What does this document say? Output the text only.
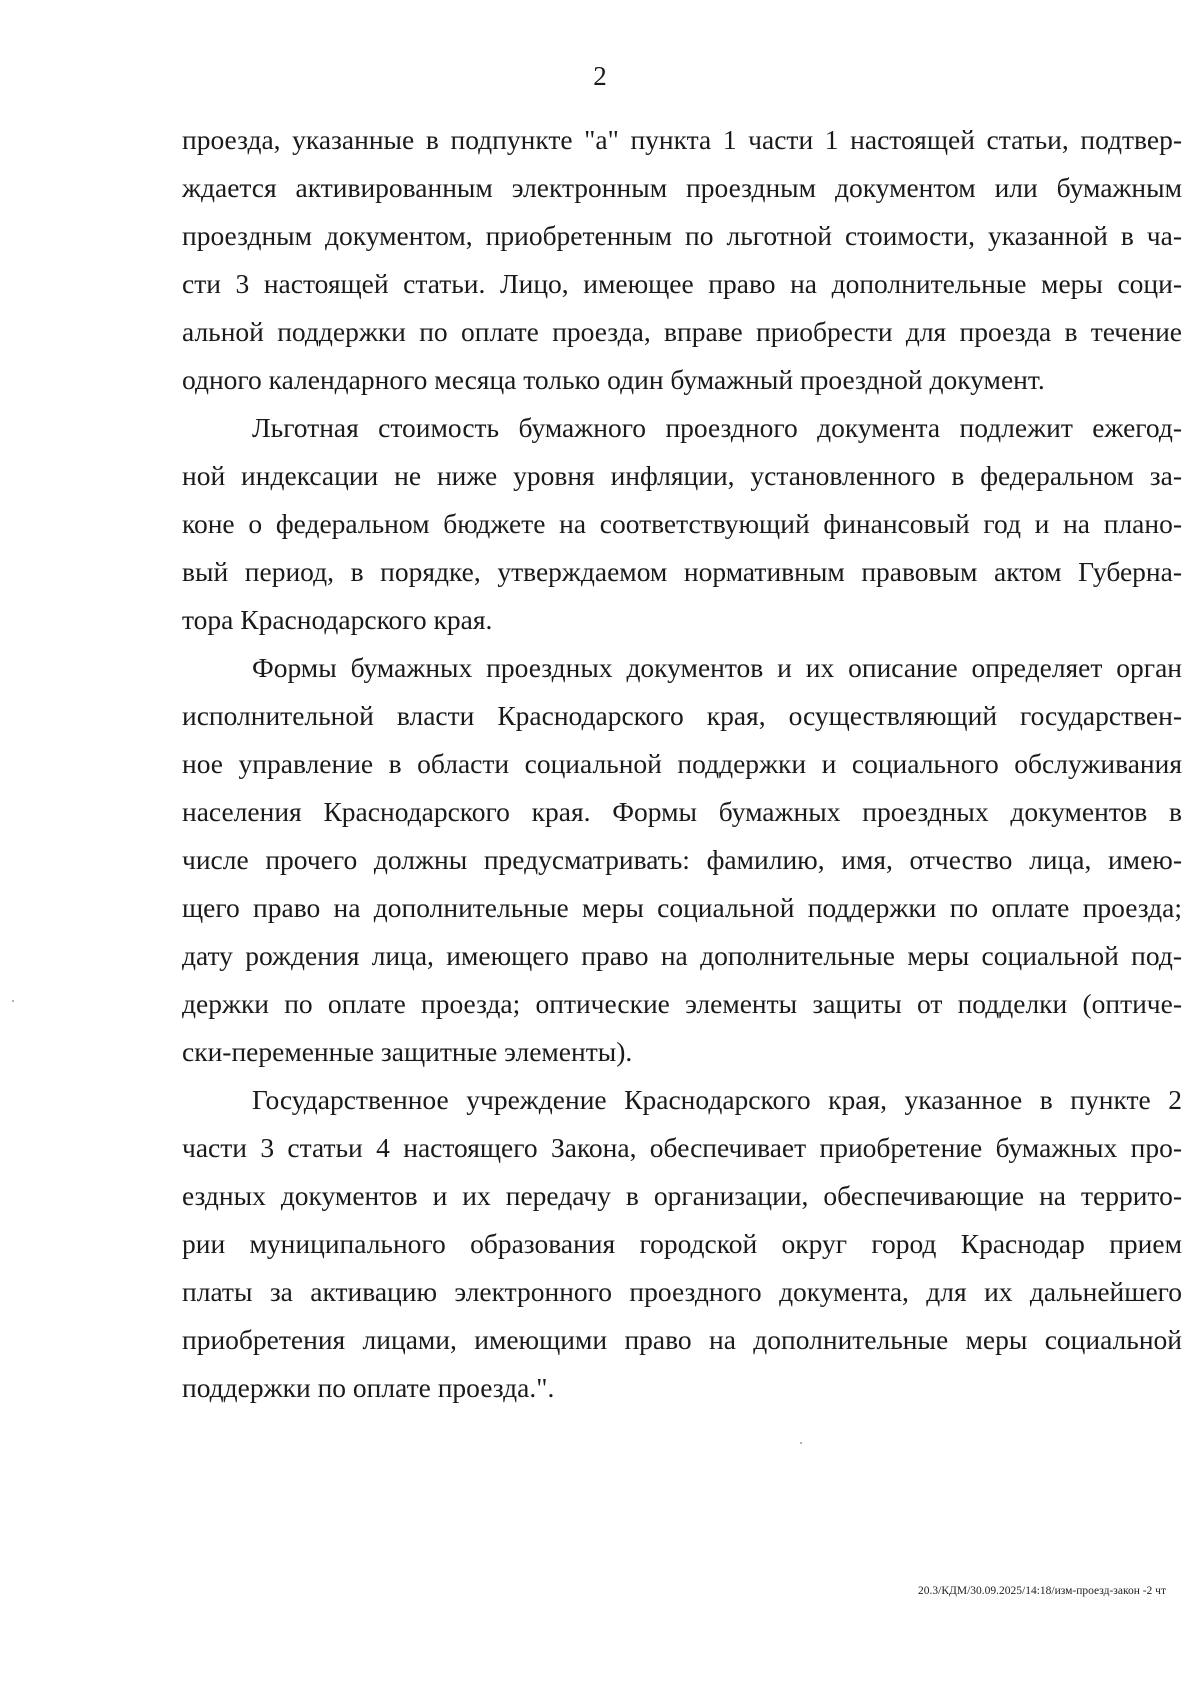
2

проезда, указанные в подпункте "а" пункта 1 части 1 настоящей статьи, подтвер-
ждается активированным электронным проездным документом или бумажным
проездным документом, приобретенным по льготной стоимости, указанной в ча-
сти 3 настоящей статьи. Лицо, имеющее право на дополнительные меры соци-
альной поддержки по оплате проезда, вправе приобрести для проезда в течение
одного календарного месяца только один бумажный проездной документ.

Льготная стоимость бумажного проездного документа подлежит ежегод-
ной индексации не ниже уровня инфляции, установленного в федеральном за-
коне о федеральном бюджете на соответствующий финансовый год и на плано-
вый период, в порядке, утверждаемом нормативным правовым актом Губерна-
тора Краснодарского края.

Формы бумажных проездных документов и их описание определяет орган
исполнительной власти Краснодарского края, осуществляющий государствен-
ное управление в области социальной поддержки и социального обслуживания
населения Краснодарского края. Формы бумажных проездных документов в
числе прочего должны предусматривать: фамилию, имя, отчество лица, имею-
щего право на дополнительные меры социальной поддержки по оплате проезда;
дату рождения лица, имеющего право на дополнительные меры социальной под-
держки по оплате проезда; оптические элементы защиты от подделки (оптиче-
ски-переменные защитные элементы).

Государственное учреждение Краснодарского края, указанное в пункте 2
части 3 статьи 4 настоящего Закона, обеспечивает приобретение бумажных про-
ездных документов и их передачу в организации, обеспечивающие на террито-
рии муниципального образования городской округ город Краснодар прием
платы за активацию электронного проездного документа, для их дальнейшего
приобретения лицами, имеющими право на дополнительные меры социальной
поддержки по оплате проезда.".

20.3/КДМ/30.09.2025/14:18/изм-проезд-закон -2 чт
